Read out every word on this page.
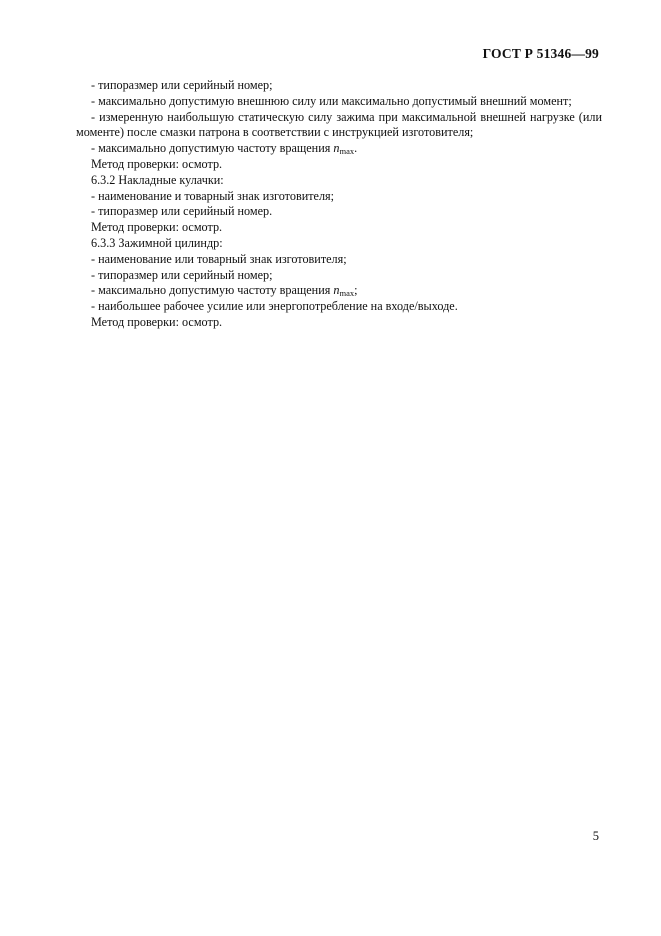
ГОСТ Р 51346—99

- типоразмер или серийный номер;

- максимально допустимую внешнюю силу или максимально допустимый внешний момент;

- измеренную наибольшую статическую силу зажима при максимальной внешней нагрузке (или моменте) после смазки патрона в соответствии с инструкцией изготовителя;

- максимально допустимую частоту вращения $n_{max}$.

Метод проверки: осмотр.

6.3.2 Накладные кулачки:

- наименование и товарный знак изготовителя;

- типоразмер или серийный номер.

Метод проверки: осмотр.

6.3.3 Зажимной цилиндр:

- наименование или товарный знак изготовителя;

- типоразмер или серийный номер;

- максимально допустимую частоту вращения $n_{max}$;

- наибольшее рабочее усилие или энергопотребление на входе/выходе.

Метод проверки: осмотр.

5
